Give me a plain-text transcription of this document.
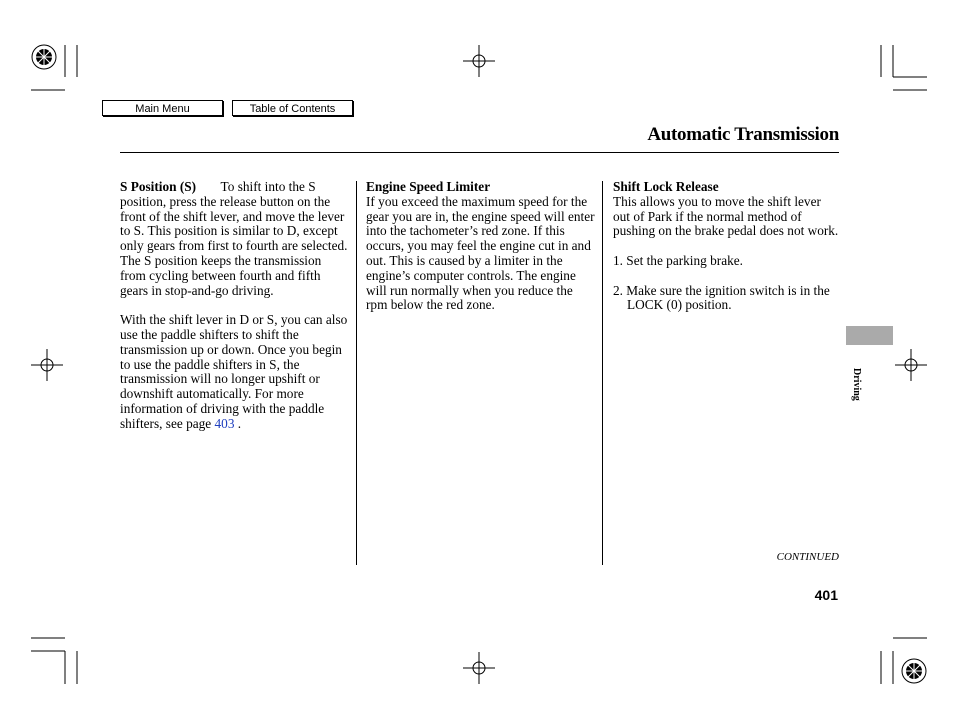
Main Menu	Table of Contents
Automatic Transmission

S Position (S) To shift into the S position, press the release button on the front of the shift lever, and move the lever to S. This position is similar to D, except only gears from first to fourth are selected. The S position keeps the transmission from cycling between fourth and fifth gears in stop-and-go driving.

With the shift lever in D or S, you can also use the paddle shifters to shift the transmission up or down. Once you begin to use the paddle shifters in S, the transmission will no longer upshift or downshift automatically. For more information of driving with the paddle shifters, see page 403 .

Engine Speed Limiter

If you exceed the maximum speed for the gear you are in, the engine speed will enter into the tachometer’s red zone. If this occurs, you may feel the engine cut in and out. This is caused by a limiter in the engine’s computer controls. The engine will run normally when you reduce the rpm below the red zone.

Shift Lock Release

This allows you to move the shift lever out of Park if the normal method of pushing on the brake pedal does not work.

1. Set the parking brake.

2. Make sure the ignition switch is in the LOCK (0) position.

Driving
CONTINUED
401
